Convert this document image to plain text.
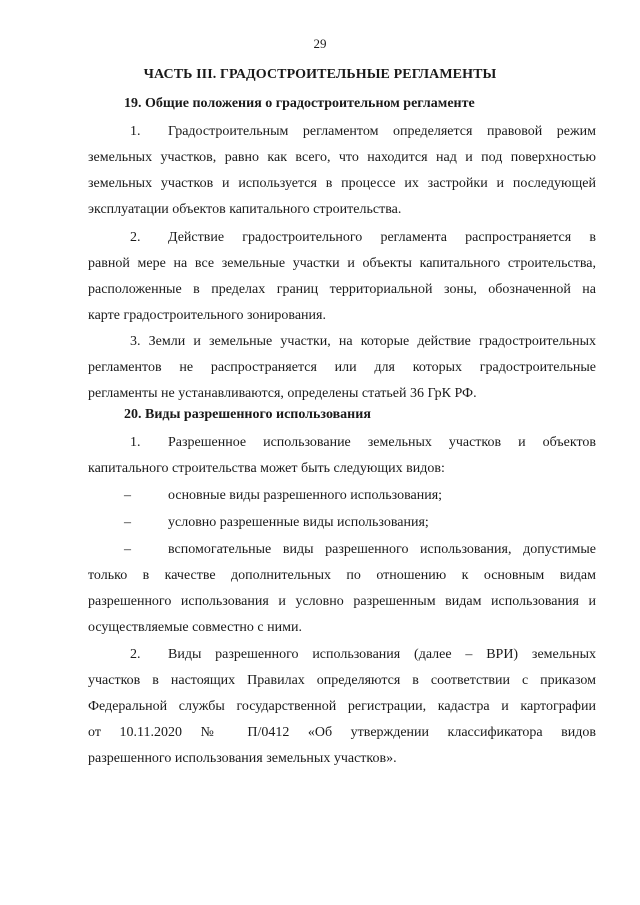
29
ЧАСТЬ III. ГРАДОСТРОИТЕЛЬНЫЕ РЕГЛАМЕНТЫ
19. Общие положения о градостроительном регламенте
1. Градостроительным регламентом определяется правовой режим
земельных участков, равно как всего, что находится над и под поверхностью
земельных участков и используется в процессе их застройки и последующей
эксплуатации объектов капитального строительства.
2. Действие градостроительного регламента распространяется в
равной мере на все земельные участки и объекты капитального строительства,
расположенные в пределах границ территориальной зоны, обозначенной на
карте градостроительного зонирования.
3. Земли и земельные участки, на которые действие градостроительных
регламентов не распространяется или для которых градостроительные
регламенты не устанавливаются, определены статьей 36 ГрК РФ.
20. Виды разрешенного использования
1. Разрешенное использование земельных участков и объектов
капитального строительства может быть следующих видов:
–	основные виды разрешенного использования;
–	условно разрешенные виды использования;
–	вспомогательные виды разрешенного использования, допустимые
только в качестве дополнительных по отношению к основным видам
разрешенного использования и условно разрешенным видам использования и
осуществляемые совместно с ними.
2. Виды разрешенного использования (далее – ВРИ) земельных
участков в настоящих Правилах определяются в соответствии с приказом
Федеральной службы государственной регистрации, кадастра и картографии
от 10.11.2020 № П/0412 «Об утверждении классификатора видов
разрешенного использования земельных участков».
